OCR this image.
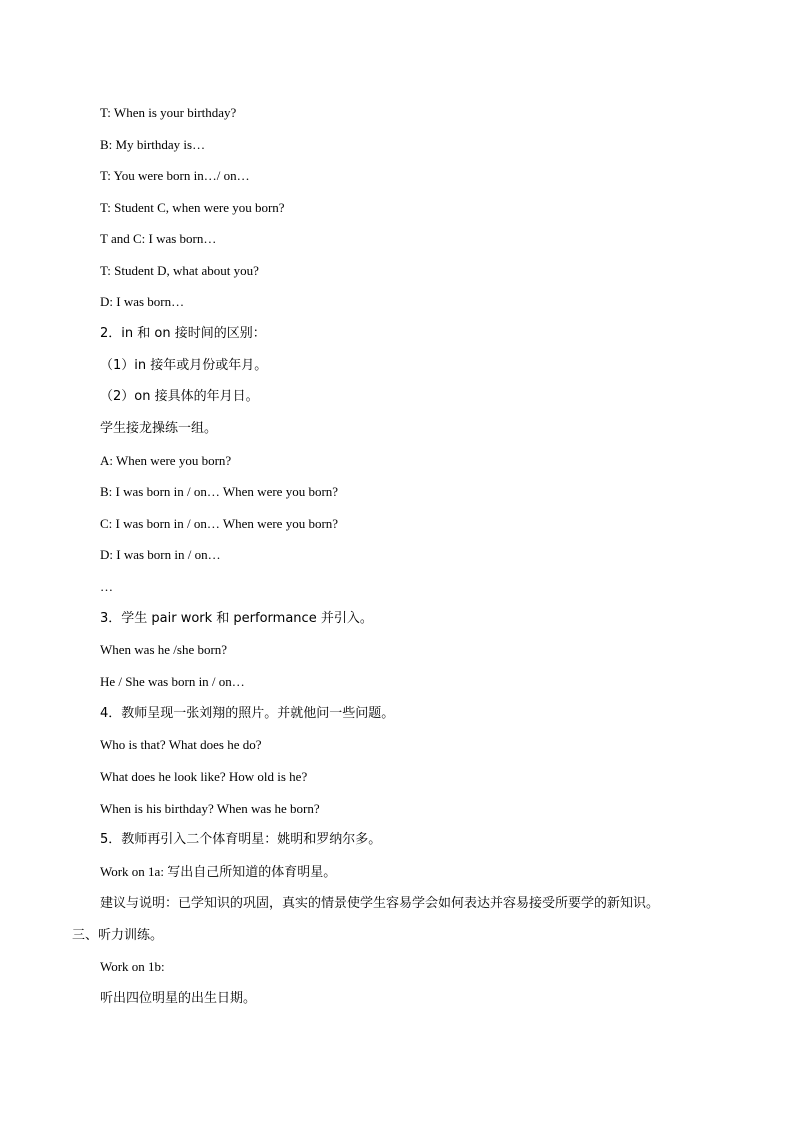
T: When is your birthday?
B: My birthday is…
T: You were born in…/ on…
T: Student C, when were you born?
T and C: I was born…
T: Student D, what about you?
D: I was born…
2．in 和 on 接时间的区别：
（1）in 接年或月份或年月。
（2）on 接具体的年月日。
学生接龙操练一组。
A: When were you born?
B: I was born in / on… When were you born?
C: I was born in / on… When were you born?
D: I was born in / on…
…
3．学生 pair work 和 performance 并引入。
When was he /she born?
He / She was born in / on…
4．教师呈现一张刘翔的照片。并就他问一些问题。
Who is that? What does he do?
What does he look like? How old is he?
When is his birthday? When was he born?
5．教师再引入二个体育明星：姚明和罗纳尔多。
Work on 1a: 写出自己所知道的体育明星。
建议与说明：已学知识的巩固，真实的情景使学生容易学会如何表达并容易接受所要学的新知识。
三、听力训练。
Work on 1b:
听出四位明星的出生日期。
